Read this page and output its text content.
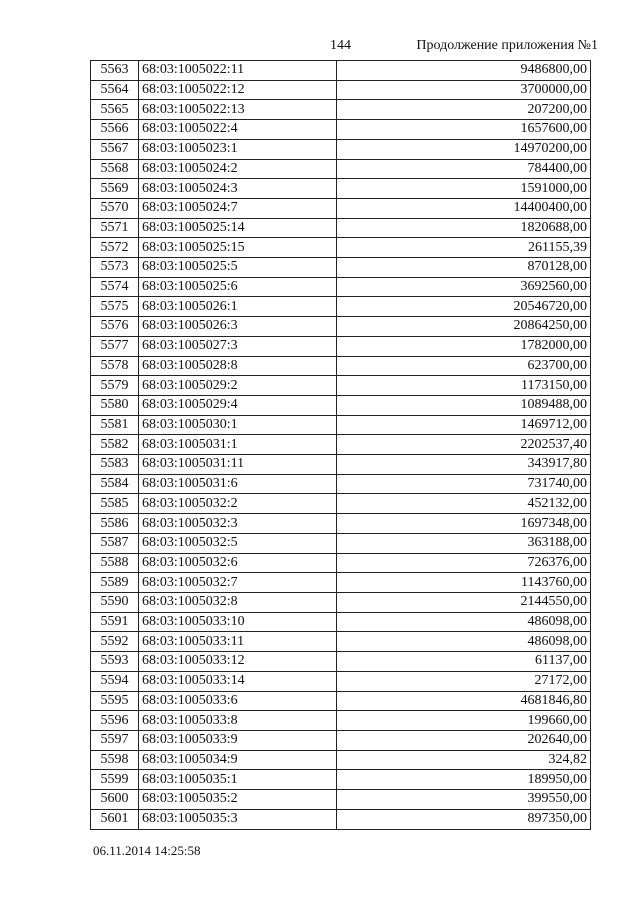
144	Продолжение приложения №1
5563	68:03:1005022:11	9486800,00
5564	68:03:1005022:12	3700000,00
5565	68:03:1005022:13	207200,00
5566	68:03:1005022:4	1657600,00
5567	68:03:1005023:1	14970200,00
5568	68:03:1005024:2	784400,00
5569	68:03:1005024:3	1591000,00
5570	68:03:1005024:7	14400400,00
5571	68:03:1005025:14	1820688,00
5572	68:03:1005025:15	261155,39
5573	68:03:1005025:5	870128,00
5574	68:03:1005025:6	3692560,00
5575	68:03:1005026:1	20546720,00
5576	68:03:1005026:3	20864250,00
5577	68:03:1005027:3	1782000,00
5578	68:03:1005028:8	623700,00
5579	68:03:1005029:2	1173150,00
5580	68:03:1005029:4	1089488,00
5581	68:03:1005030:1	1469712,00
5582	68:03:1005031:1	2202537,40
5583	68:03:1005031:11	343917,80
5584	68:03:1005031:6	731740,00
5585	68:03:1005032:2	452132,00
5586	68:03:1005032:3	1697348,00
5587	68:03:1005032:5	363188,00
5588	68:03:1005032:6	726376,00
5589	68:03:1005032:7	1143760,00
5590	68:03:1005032:8	2144550,00
5591	68:03:1005033:10	486098,00
5592	68:03:1005033:11	486098,00
5593	68:03:1005033:12	61137,00
5594	68:03:1005033:14	27172,00
5595	68:03:1005033:6	4681846,80
5596	68:03:1005033:8	199660,00
5597	68:03:1005033:9	202640,00
5598	68:03:1005034:9	324,82
5599	68:03:1005035:1	189950,00
5600	68:03:1005035:2	399550,00
5601	68:03:1005035:3	897350,00
06.11.2014 14:25:58
